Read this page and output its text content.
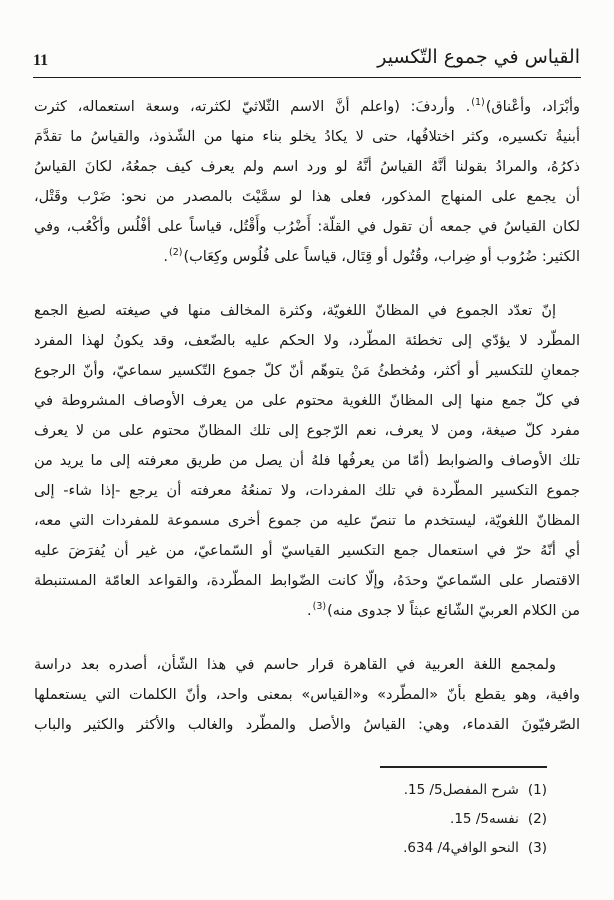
11	القياس في جموع التّكسير
وأبْرَاد، وأعْناق)$^{(1)}$. وأردفَ: (واعلم أنَّ الاسم الثّلاثيّ لكثرته، وسعة استعماله، كثرت
أبنيةُ تكسيره، وكثر اختلافُها، حتى لا يكادُ يخلو بناء منها من الشّذوذ، والقياسُ ما تقدَّمَ
ذكرُهُ، والمرادُ بقولنا أنَّهُ القياسُ أنَّهُ لو ورد اسم ولم يعرف كيف جمعُهُ، لكانَ القياسُ
أن يجمع على المنهاج المذكور، فعلى هذا لو سمَّيْتَ بالمصدر من نحو: ضَرْب وقَتْل،
لكان القياسُ في جمعه أن تقول في القلّة: أَضْرُب وأَقْتُل، قياساً على أفْلُس وأكْعُب، وفي
الكثير: ضُرُوب أو ضِراب، وقُتُول أو قِتَال، قياساً على فُلُوس وكِعَاب)$^{(2)}$.
إنّ تعدّد الجموع في المظانّ اللغويّة، وكثرة المخالف منها في صيغته لصيغ الجمع
المطّرد لا يؤدّي إلى تخطئة المطّرد، ولا الحكم عليه بالضّعف، وقد يكونُ لهذا المفرد
جمعانِ للتكسير أو أكثر، ومُخطئُ مَنْ يتوهّم أنّ كلّ جموع التّكسير سماعيّ، وأنّ الرجوع
في كلّ جمع منها إلى المظانّ اللغوية محتوم على من يعرف الأوصاف المشروطة في
مفرد كلّ صيغة، ومن لا يعرف، نعم الرّجوع إلى تلك المظانّ محتوم على من لا يعرف
تلك الأوصاف والضوابط (أمّا من يعرفُها فلهُ أن يصل من طريق معرفته إلى ما يريد من
جموع التكسير المطّردة في تلك المفردات، ولا تمنعُهُ معرفته أن يرجع -إذا شاء- إلى
المظانّ اللغويّة، ليستخدم ما تنصّ عليه من جموع أخرى مسموعة للمفردات التي معه،
أي أنّهُ حرّ في استعمال جمع التكسير القياسيّ أو السّماعيّ، من غير أن يُفرَضَ عليه
الاقتصار على السّماعيّ وحدَهُ، وإلّا كانت الضّوابط المطّردة، والقواعد العامّة المستنبطة
من الكلام العربيّ الشّائع عبثاً لا جدوى منه)$^{(3)}$.
ولمجمع اللغة العربية في القاهرة قرار حاسم في هذا الشّأن، أصدره بعد دراسة
وافية، وهو يقطع بأنّ «المطّرد» و«القياس» بمعنى واحد، وأنّ الكلمات التي يستعملها
الصّرفيّونَ القدماء، وهي: القياسُ والأصل والمطّرد والغالب والأكثر والكثير والباب
(1)
شرح المفصل5/ 15.
(2)
نفسه5/ 15.
(3)
النحو الوافي4/ 634.
